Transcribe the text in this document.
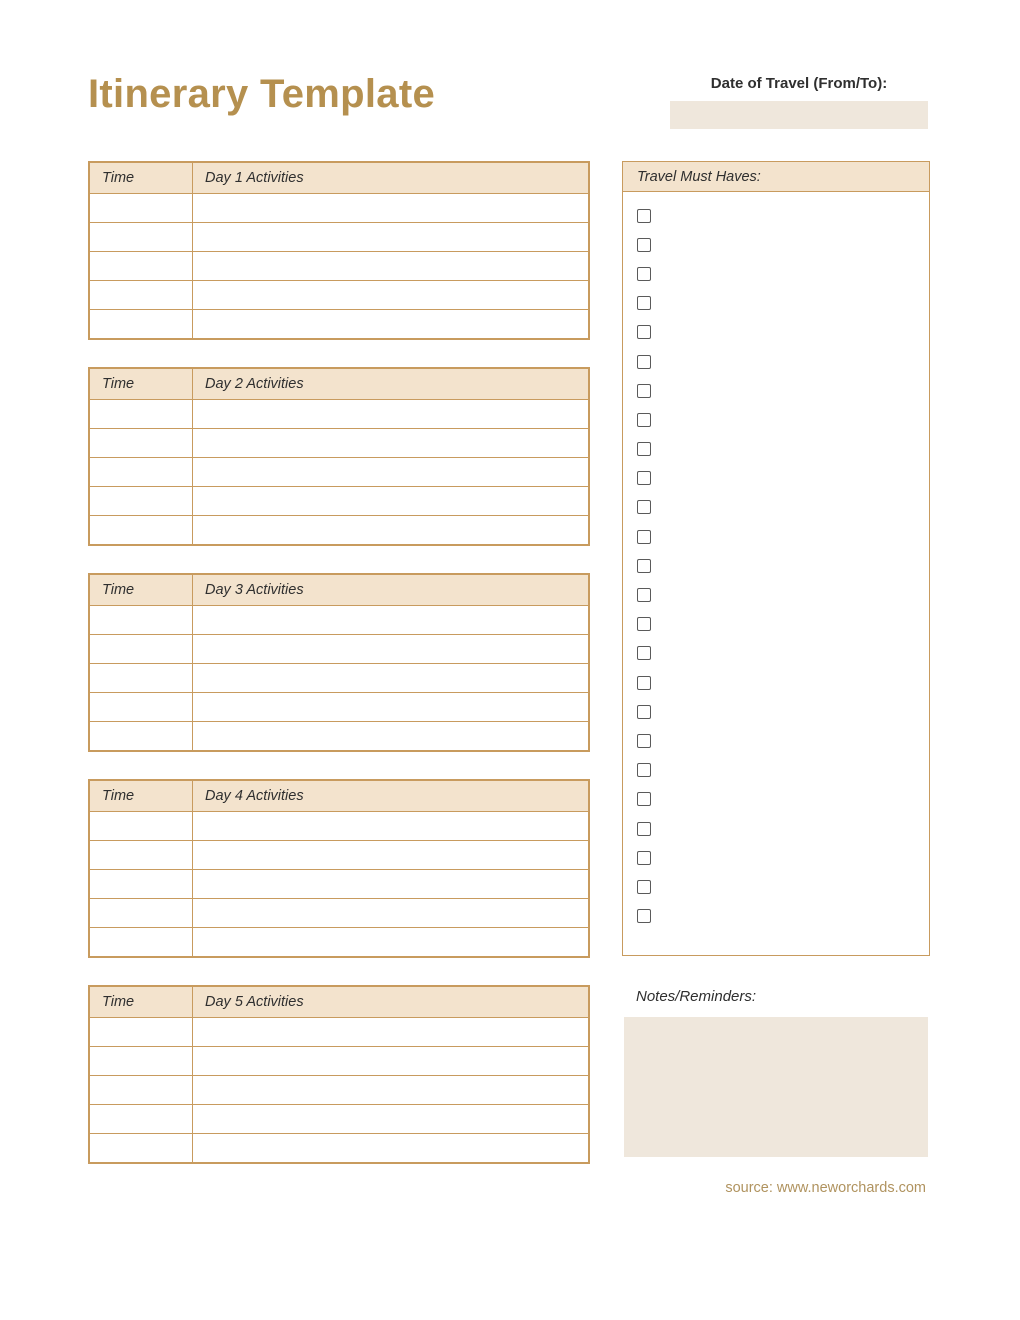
Itinerary Template	Date of Travel (From/To):
Time	Day 1 Activities

Time	Day 2 Activities

Time	Day 3 Activities

Time	Day 4 Activities

Time	Day 5 Activities

Travel Must Haves:
Notes/Reminders:
source: www.neworchards.com
